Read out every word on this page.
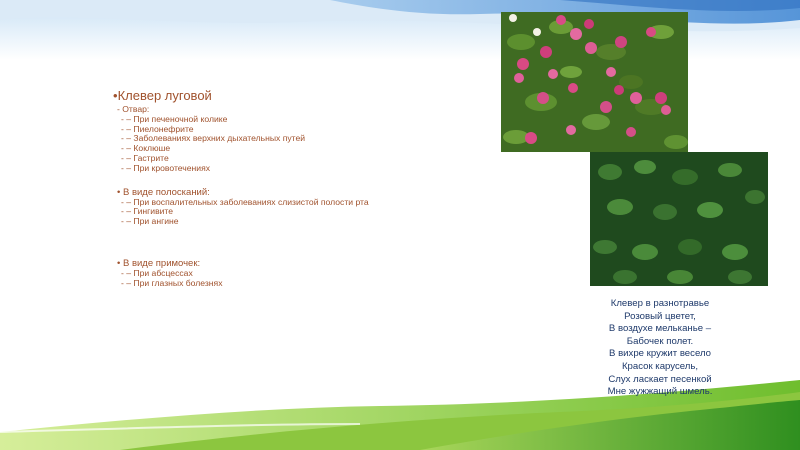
•Клевер луговой
- Отвар:
- – При печеночной колике
- – Пиелонефрите
- – Заболеваниях верхних дыхательных путей
- – Коклюше
- – Гастрите
- – При кровотечениях
• В виде полосканий:
- – При воспалительных заболеваниях слизистой полости рта
- – Гингивите
- – При ангине
• В виде примочек:
- – При абсцессах
- – При глазных болезнях
Клевер в разнотравье
Розовый цветет,
В воздухе мельканье –
Бабочек полет.
В вихре кружит весело
Красок карусель,
Слух ласкает песенкой
Мне жужжащий шмель.
